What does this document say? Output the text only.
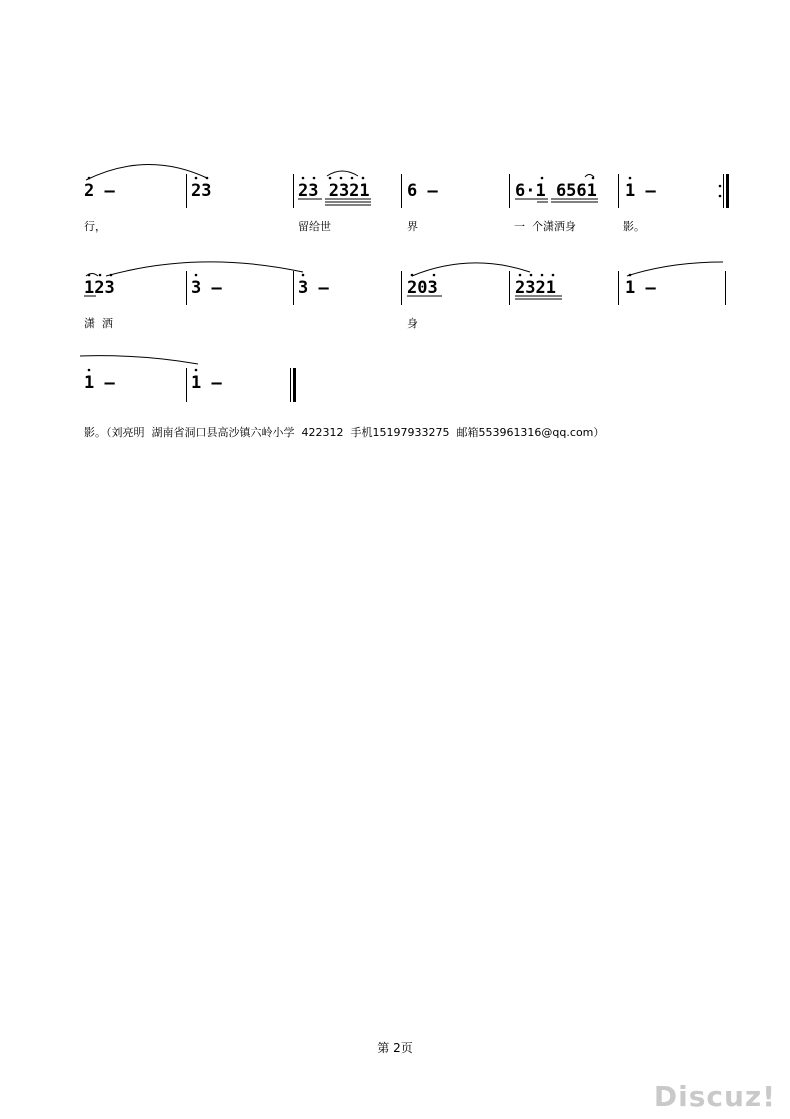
2 –	23	23 2321 6 –	6·1 6561 1 –
行，	留给世	界	一  个潇洒身	影。
123	3 –	3 –	203	2321	1 –
潇  洒	身
1 –	1 –
影。（刘亮明  湖南省洞口县高沙镇六岭小学  422312  手机15197933275  邮箱553961316@qq.com）
第 2页
Discuz!
